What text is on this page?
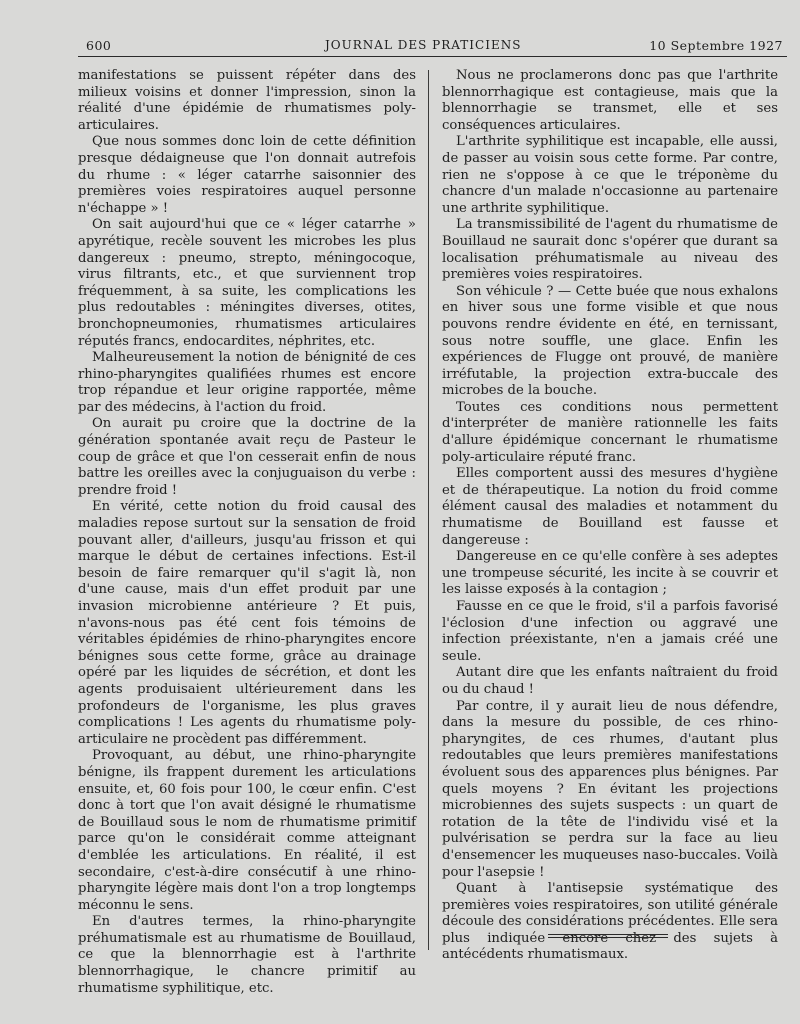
600	JOURNAL DES PRATICIENS	10 Septembre 1927

manifestations se puissent répéter dans des milieux voisins et donner l'impression, sinon la réalité d'une épidémie de rhumatismes poly-articulaires.

Que nous sommes donc loin de cette définition presque dédaigneuse que l'on donnait autrefois du rhume : « léger catarrhe saisonnier des premières voies respiratoires auquel personne n'échappe » !

On sait aujourd'hui que ce « léger catarrhe » apyrétique, recèle souvent les microbes les plus dangereux : pneumo, strepto, méningocoque, virus filtrants, etc., et que surviennent trop fréquemment, à sa suite, les complications les plus redoutables : méningites diverses, otites, bronchopneumonies, rhumatismes articulaires réputés francs, endocardites, néphrites, etc.

Malheureusement la notion de bénignité de ces rhino-pharyngites qualifiées rhumes est encore trop répandue et leur origine rapportée, même par des médecins, à l'action du froid.

On aurait pu croire que la doctrine de la génération spontanée avait reçu de Pasteur le coup de grâce et que l'on cesserait enfin de nous battre les oreilles avec la conjuguaison du verbe : prendre froid !

En vérité, cette notion du froid causal des maladies repose surtout sur la sensation de froid pouvant aller, d'ailleurs, jusqu'au frisson et qui marque le début de certaines infections. Est-il besoin de faire remarquer qu'il s'agit là, non d'une cause, mais d'un effet produit par une invasion microbienne antérieure ? Et puis, n'avons-nous pas été cent fois témoins de véritables épidémies de rhino-pharyngites encore bénignes sous cette forme, grâce au drainage opéré par les liquides de sécrétion, et dont les agents produisaient ultérieurement dans les profondeurs de l'organisme, les plus graves complications ! Les agents du rhumatisme poly-articulaire ne procèdent pas différemment.

Provoquant, au début, une rhino-pharyngite bénigne, ils frappent durement les articulations ensuite, et, 60 fois pour 100, le cœur enfin. C'est donc à tort que l'on avait désigné le rhumatisme de Bouillaud sous le nom de rhumatisme primitif parce qu'on le considérait comme atteignant d'emblée les articulations. En réalité, il est secondaire, c'est-à-dire consécutif à une rhino-pharyngite légère mais dont l'on a trop longtemps méconnu le sens.

En d'autres termes, la rhino-pharyngite préhumatismale est au rhumatisme de Bouillaud, ce que la blennorrhagie est à l'arthrite blennorrhagique, le chancre primitif au rhumatisme syphilitique, etc.

Nous ne proclamerons donc pas que l'arthrite blennorrhagique est contagieuse, mais que la blennorrhagie se transmet, elle et ses conséquences articulaires.

L'arthrite syphilitique est incapable, elle aussi, de passer au voisin sous cette forme. Par contre, rien ne s'oppose à ce que le tréponème du chancre d'un malade n'occasionne au partenaire une arthrite syphilitique.

La transmissibilité de l'agent du rhumatisme de Bouillaud ne saurait donc s'opérer que durant sa localisation préhumatismale au niveau des premières voies respiratoires.

Son véhicule ? — Cette buée que nous exhalons en hiver sous une forme visible et que nous pouvons rendre évidente en été, en ternissant, sous notre souffle, une glace. Enfin les expériences de Flugge ont prouvé, de manière irréfutable, la projection extra-buccale des microbes de la bouche.

Toutes ces conditions nous permettent d'interpréter de manière rationnelle les faits d'allure épidémique concernant le rhumatisme poly-articulaire réputé franc.

Elles comportent aussi des mesures d'hygiène et de thérapeutique. La notion du froid comme élément causal des maladies et notamment du rhumatisme de Bouilland est fausse et dangereuse :

Dangereuse en ce qu'elle confère à ses adeptes une trompeuse sécurité, les incite à se couvrir et les laisse exposés à la contagion ;

Fausse en ce que le froid, s'il a parfois favorisé l'éclosion d'une infection ou aggravé une infection préexistante, n'en a jamais créé une seule.

Autant dire que les enfants naîtraient du froid ou du chaud !

Par contre, il y aurait lieu de nous défendre, dans la mesure du possible, de ces rhino-pharyngites, de ces rhumes, d'autant plus redoutables que leurs premières manifestations évoluent sous des apparences plus bénignes. Par quels moyens ? En évitant les projections microbiennes des sujets suspects : un quart de rotation de la tête de l'individu visé et la pulvérisation se perdra sur la face au lieu d'ensemencer les muqueuses naso-buccales. Voilà pour l'asepsie !

Quant à l'antisepsie systématique des premières voies respiratoires, son utilité générale découle des considérations précédentes. Elle sera plus indiquée encore chez des sujets à antécédents rhumatismaux.
